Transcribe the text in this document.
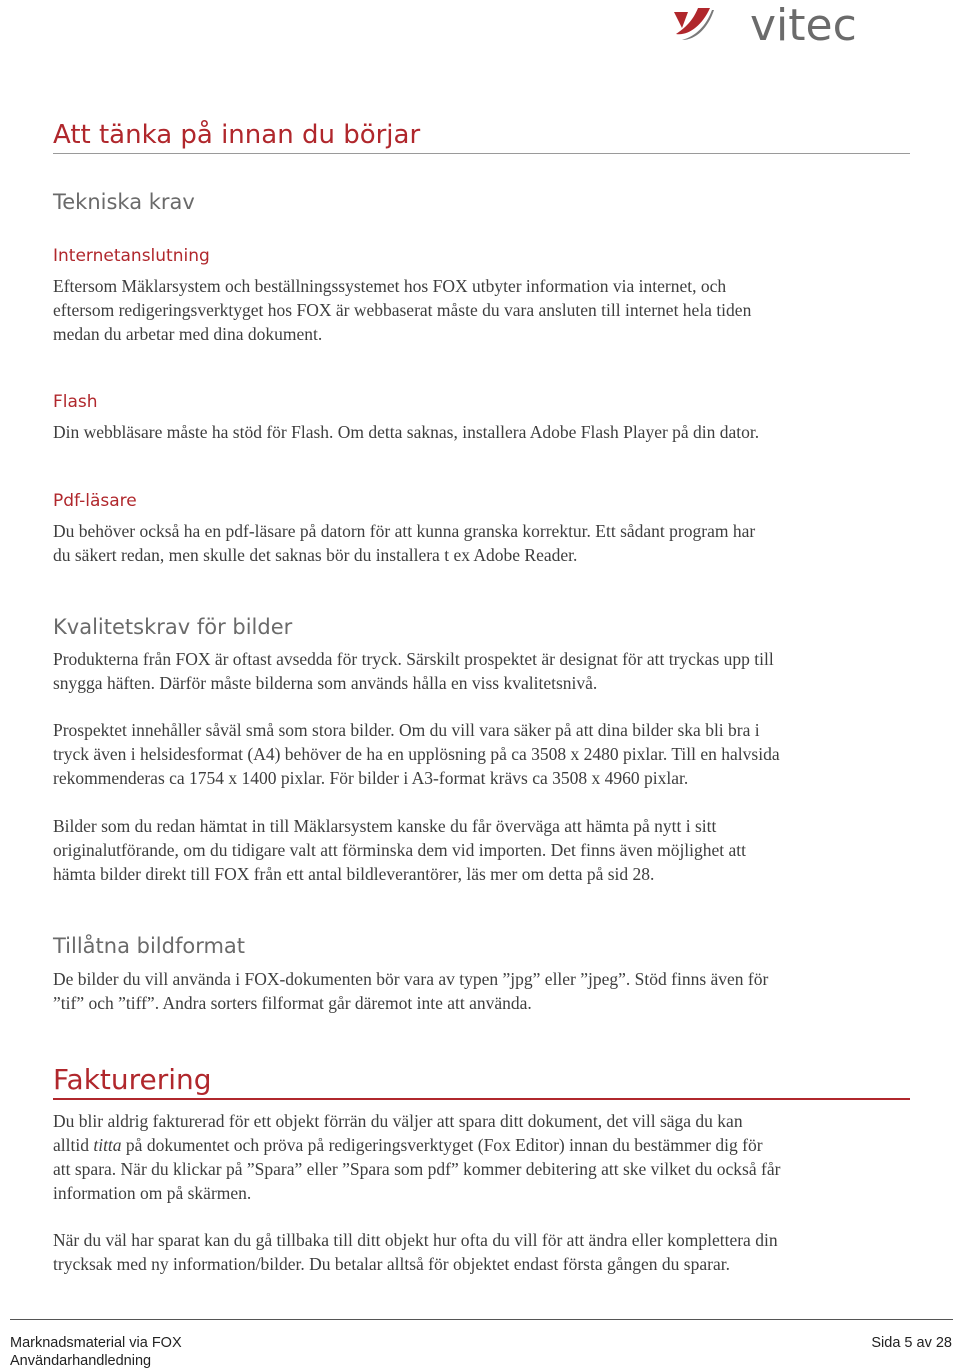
vitec
Att tänka på innan du börjar
Tekniska krav
Internetanslutning
Eftersom Mäklarsystem och beställningssystemet hos FOX utbyter information via internet, och
eftersom redigeringsverktyget hos FOX är webbaserat måste du vara ansluten till internet hela tiden
medan du arbetar med dina dokument.
Flash
Din webbläsare måste ha stöd för Flash. Om detta saknas, installera Adobe Flash Player på din dator.
Pdf-läsare
Du behöver också ha en pdf-läsare på datorn för att kunna granska korrektur. Ett sådant program har
du säkert redan, men skulle det saknas bör du installera t ex Adobe Reader.
Kvalitetskrav för bilder
Produkterna från FOX är oftast avsedda för tryck. Särskilt prospektet är designat för att tryckas upp till
snygga häften. Därför måste bilderna som används hålla en viss kvalitetsnivå.
Prospektet innehåller såväl små som stora bilder. Om du vill vara säker på att dina bilder ska bli bra i
tryck även i helsidesformat (A4) behöver de ha en upplösning på ca 3508 x 2480 pixlar. Till en halvsida
rekommenderas ca 1754 x 1400 pixlar. För bilder i A3-format krävs ca 3508 x 4960 pixlar.
Bilder som du redan hämtat in till Mäklarsystem kanske du får överväga att hämta på nytt i sitt
originalutförande, om du tidigare valt att förminska dem vid importen. Det finns även möjlighet att
hämta bilder direkt till FOX från ett antal bildleverantörer, läs mer om detta på sid 28.
Tillåtna bildformat
De bilder du vill använda i FOX-dokumenten bör vara av typen ”jpg” eller ”jpeg”. Stöd finns även för
”tif” och ”tiff”. Andra sorters filformat går däremot inte att använda.
Fakturering
Du blir aldrig fakturerad för ett objekt förrän du väljer att spara ditt dokument, det vill säga du kan
alltid titta på dokumentet och pröva på redigeringsverktyget (Fox Editor) innan du bestämmer dig för
att spara. När du klickar på ”Spara” eller ”Spara som pdf” kommer debitering att ske vilket du också får
information om på skärmen.
När du väl har sparat kan du gå tillbaka till ditt objekt hur ofta du vill för att ändra eller komplettera din
trycksak med ny information/bilder. Du betalar alltså för objektet endast första gången du sparar.
Marknadsmaterial via FOX
Användarhandledning
Sida 5 av 28
